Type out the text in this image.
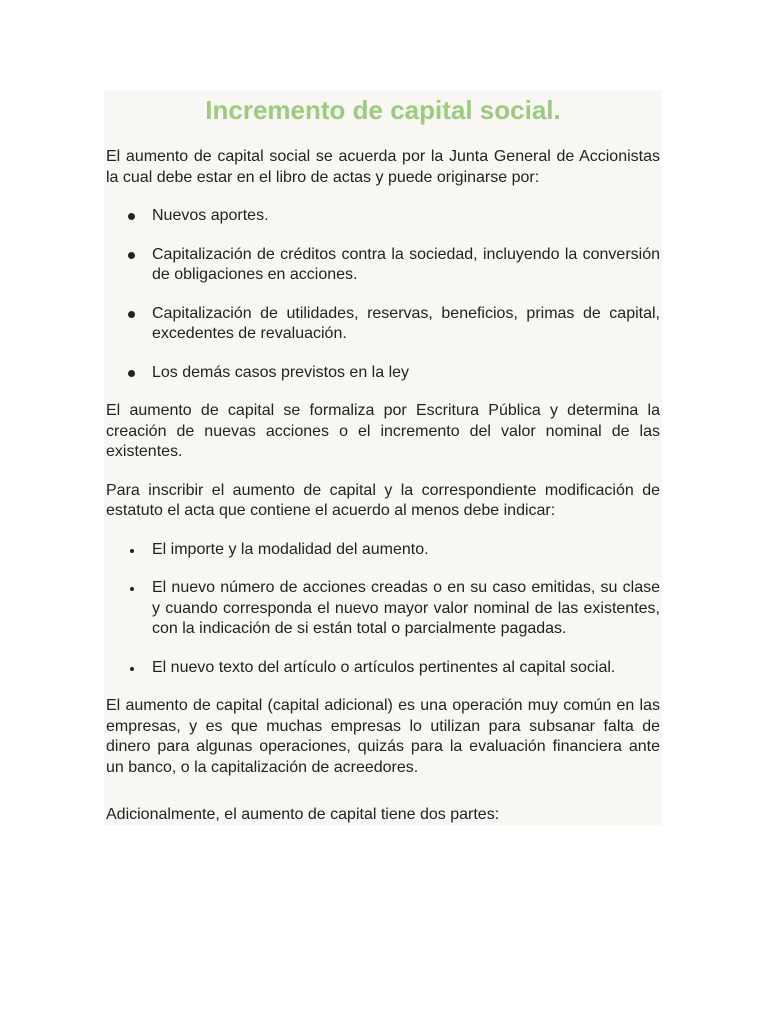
Incremento de capital social.

El aumento de capital social se acuerda por la Junta General de Accionistas la cual debe estar en el libro de actas y puede originarse por:

Nuevos aportes.
Capitalización de créditos contra la sociedad, incluyendo la conversión de obligaciones en acciones.
Capitalización de utilidades, reservas, beneficios, primas de capital, excedentes de revaluación.
Los demás casos previstos en la ley

El aumento de capital se formaliza por Escritura Pública y determina la creación de nuevas acciones o el incremento del valor nominal de las existentes.

Para inscribir el aumento de capital y la correspondiente modificación de estatuto el acta que contiene el acuerdo al menos debe indicar:

El importe y la modalidad del aumento.
El nuevo número de acciones creadas o en su caso emitidas, su clase y cuando corresponda el nuevo mayor valor nominal de las existentes, con la indicación de si están total o parcialmente pagadas.
El nuevo texto del artículo o artículos pertinentes al capital social.

El aumento de capital (capital adicional) es una operación muy común en las empresas, y es que muchas empresas lo utilizan para subsanar falta de dinero para algunas operaciones, quizás para la evaluación financiera ante un banco, o la capitalización de acreedores.

Adicionalmente, el aumento de capital tiene dos partes:
